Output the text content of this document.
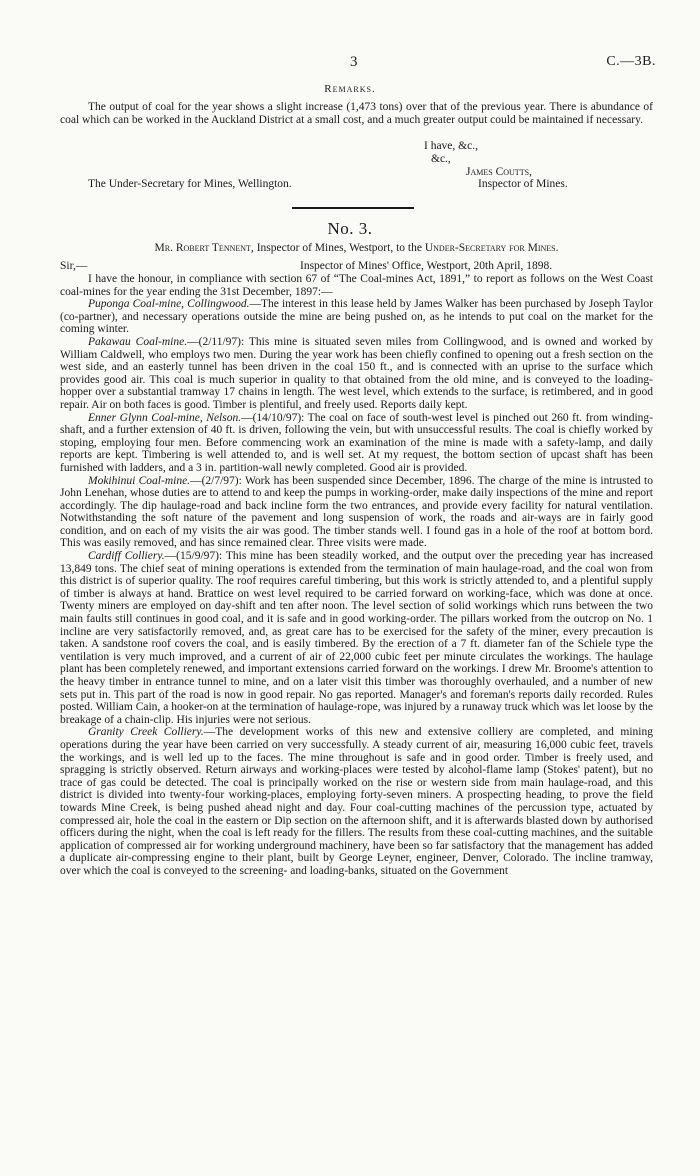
3	C.—3B.
Remarks.
The output of coal for the year shows a slight increase (1,473 tons) over that of the previous year. There is abundance of coal which can be worked in the Auckland District at a small cost, and a much greater output could be maintained if necessary.
I have, &c.,
&c.,
James Coutts,
The Under-Secretary for Mines, Wellington.	Inspector of Mines.
No. 3.
Mr. Robert Tennent, Inspector of Mines, Westport, to the Under-Secretary for Mines.
Sir,—	Inspector of Mines' Office, Westport, 20th April, 1898.

I have the honour, in compliance with section 67 of “The Coal-mines Act, 1891,” to report as follows on the West Coast coal-mines for the year ending the 31st December, 1897:—

Puponga Coal-mine, Collingwood.—The interest in this lease held by James Walker has been purchased by Joseph Taylor (co-partner), and necessary operations outside the mine are being pushed on, as he intends to put coal on the market for the coming winter.

Pakawau Coal-mine.—(2/11/97): This mine is situated seven miles from Collingwood, and is owned and worked by William Caldwell, who employs two men. During the year work has been chiefly confined to opening out a fresh section on the west side, and an easterly tunnel has been driven in the coal 150 ft., and is connected with an uprise to the surface which provides good air. This coal is much superior in quality to that obtained from the old mine, and is conveyed to the loading-hopper over a substantial tramway 17 chains in length. The west level, which extends to the surface, is retimbered, and in good repair. Air on both faces is good. Timber is plentiful, and freely used. Reports daily kept.

Enner Glynn Coal-mine, Nelson.—(14/10/97): The coal on face of south-west level is pinched out 260 ft. from winding-shaft, and a further extension of 40 ft. is driven, following the vein, but with unsuccessful results. The coal is chiefly worked by stoping, employing four men. Before commencing work an examination of the mine is made with a safety-lamp, and daily reports are kept. Timbering is well attended to, and is well set. At my request, the bottom section of upcast shaft has been furnished with ladders, and a 3 in. partition-wall newly completed. Good air is provided.

Mokihinui Coal-mine.—(2/7/97): Work has been suspended since December, 1896. The charge of the mine is intrusted to John Lenehan, whose duties are to attend to and keep the pumps in working-order, make daily inspections of the mine and report accordingly. The dip haulage-road and back incline form the two entrances, and provide every facility for natural ventilation. Notwithstanding the soft nature of the pavement and long suspension of work, the roads and air-ways are in fairly good condition, and on each of my visits the air was good. The timber stands well. I found gas in a hole of the roof at bottom bord. This was easily removed, and has since remained clear. Three visits were made.

Cardiff Colliery.—(15/9/97): This mine has been steadily worked, and the output over the preceding year has increased 13,849 tons. The chief seat of mining operations is extended from the termination of main haulage-road, and the coal won from this district is of superior quality. The roof requires careful timbering, but this work is strictly attended to, and a plentiful supply of timber is always at hand. Brattice on west level required to be carried forward on working-face, which was done at once. Twenty miners are employed on day-shift and ten after noon. The level section of solid workings which runs between the two main faults still continues in good coal, and it is safe and in good working-order. The pillars worked from the outcrop on No. 1 incline are very satisfactorily removed, and, as great care has to be exercised for the safety of the miner, every precaution is taken. A sandstone roof covers the coal, and is easily timbered. By the erection of a 7 ft. diameter fan of the Schiele type the ventilation is very much improved, and a current of air of 22,000 cubic feet per minute circulates the workings. The haulage plant has been completely renewed, and important extensions carried forward on the workings. I drew Mr. Broome's attention to the heavy timber in entrance tunnel to mine, and on a later visit this timber was thoroughly overhauled, and a number of new sets put in. This part of the road is now in good repair. No gas reported. Manager's and foreman's reports daily recorded. Rules posted. William Cain, a hooker-on at the termination of haulage-rope, was injured by a runaway truck which was let loose by the breakage of a chain-clip. His injuries were not serious.

Granity Creek Colliery.—The development works of this new and extensive colliery are completed, and mining operations during the year have been carried on very successfully. A steady current of air, measuring 16,000 cubic feet, travels the workings, and is well led up to the faces. The mine throughout is safe and in good order. Timber is freely used, and spragging is strictly observed. Return airways and working-places were tested by alcohol-flame lamp (Stokes' patent), but no trace of gas could be detected. The coal is principally worked on the rise or western side from main haulage-road, and this district is divided into twenty-four working-places, employing forty-seven miners. A prospecting heading, to prove the field towards Mine Creek, is being pushed ahead night and day. Four coal-cutting machines of the percussion type, actuated by compressed air, hole the coal in the eastern or Dip section on the afternoon shift, and it is afterwards blasted down by authorised officers during the night, when the coal is left ready for the fillers. The results from these coal-cutting machines, and the suitable application of compressed air for working underground machinery, have been so far satisfactory that the management has added a duplicate air-compressing engine to their plant, built by George Leyner, engineer, Denver, Colorado. The incline tramway, over which the coal is conveyed to the screening- and loading-banks, situated on the Government
